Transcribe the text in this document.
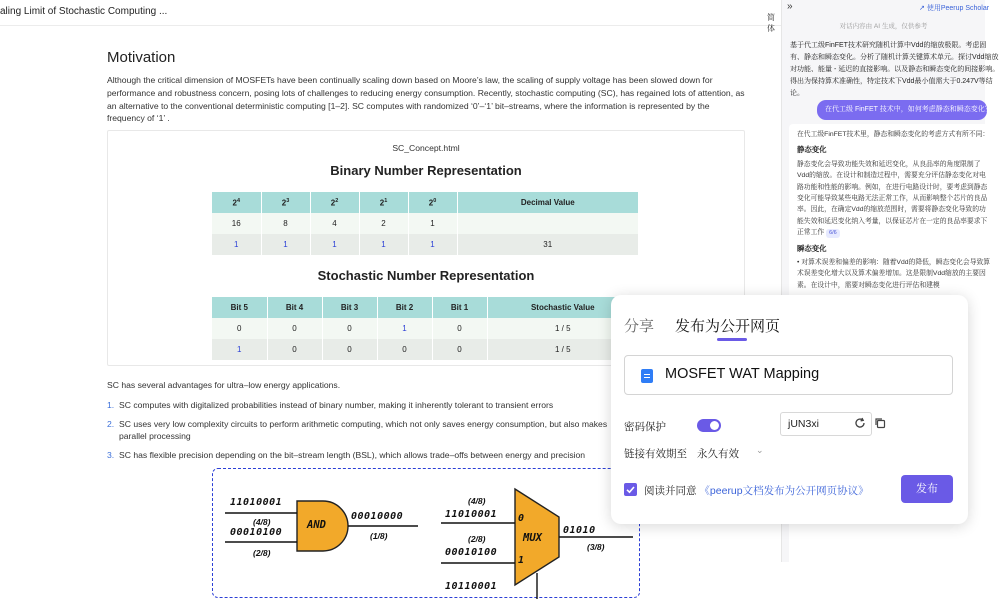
aling Limit of Stochastic Computing ...
简体
Motivation

Although the critical dimension of MOSFETs have been continually scaling down based on Moore’s law, the scaling of supply voltage has been slowed down for performance and robustness concern, posing lots of challenges to reducing energy consumption. Recently, stochastic computing (SC), has regained lots of attention, as an alternative to the conventional deterministic computing [1–2]. SC computes with randomized ‘0’–‘1’ bit–streams, where the information is represented by the frequency of ‘1’ .

SC_Concept.html
Binary Number Representation
$2^4$	$2^3$	$2^2$	$2^1$	$2^0$	Decimal Value
16	8	4	2	1	
1	1	1	1	1	31
Stochastic Number Representation
Bit 5	Bit 4	Bit 3	Bit 2	Bit 1	Stochastic Value
0	0	0	1	0	1 / 5
1	0	0	0	0	1 / 5
SC has several advantages for ultra–low energy applications.
1. SC computes with digitalized probabilities instead of binary number, making it inherently tolerant to transient errors
2. SC uses very low complexity circuits to perform arithmetic computing, which not only saves energy consumption, but also makes parallel processing
3. SC has flexible precision depending on the bit–stream length (BSL), which allows trade–offs between energy and precision
11010001
(4/8)
00010100
(2/8)
AND
00010000
(1/8)
11010001
(4/8)
00010100
(2/8)
10110001
0
1
MUX
01010
(3/8)
»	↗ 使用Peerup Scholar
对话内容由 AI 生成，仅供参考
基于代工级FinFET技术研究随机计算中Vdd的缩放极限。考虑固有、静态和瞬态变化。分析了随机计算关键算术单元。探讨Vdd缩放对功能、能量 - 延迟的直接影响。以及静态和瞬态变化的间接影响。得出为保持算术准确性，特定技术下Vdd最小值需大于0.247V等结论。
在代工级 FinFET 技术中，如何考虑静态和瞬态变化？
在代工级FinFET技术里，静态和瞬态变化的考虑方式有所不同：
静态变化
静态变化会导致功能失效和延迟变化，从良品率的角度限制了Vdd的缩放。在设计和制造过程中，需要充分评估静态变化对电路功能和性能的影响。例如，在进行电路设计时，要考虑到静态变化可能导致某些电路无法正常工作，从而影响整个芯片的良品率。因此，在确定Vdd的缩放范围时，需要将静态变化导致的功能失效和延迟变化纳入考量，以保证芯片在一定的良品率要求下正常工作 6/6
瞬态变化
• 对算术误差和偏差的影响：随着Vdd的降低，瞬态变化会导致算术误差变化增大以及算术偏差增加。这是限制Vdd缩放的主要因素。在设计中，需要对瞬态变化进行评估和建模
分享 发布为公开网页
MOSFET WAT Mapping
密码保护	jUN3xi
链接有效期至 永久有效 ⌄
阅读并同意 《peerup文档发布为公开网页协议》	发布
